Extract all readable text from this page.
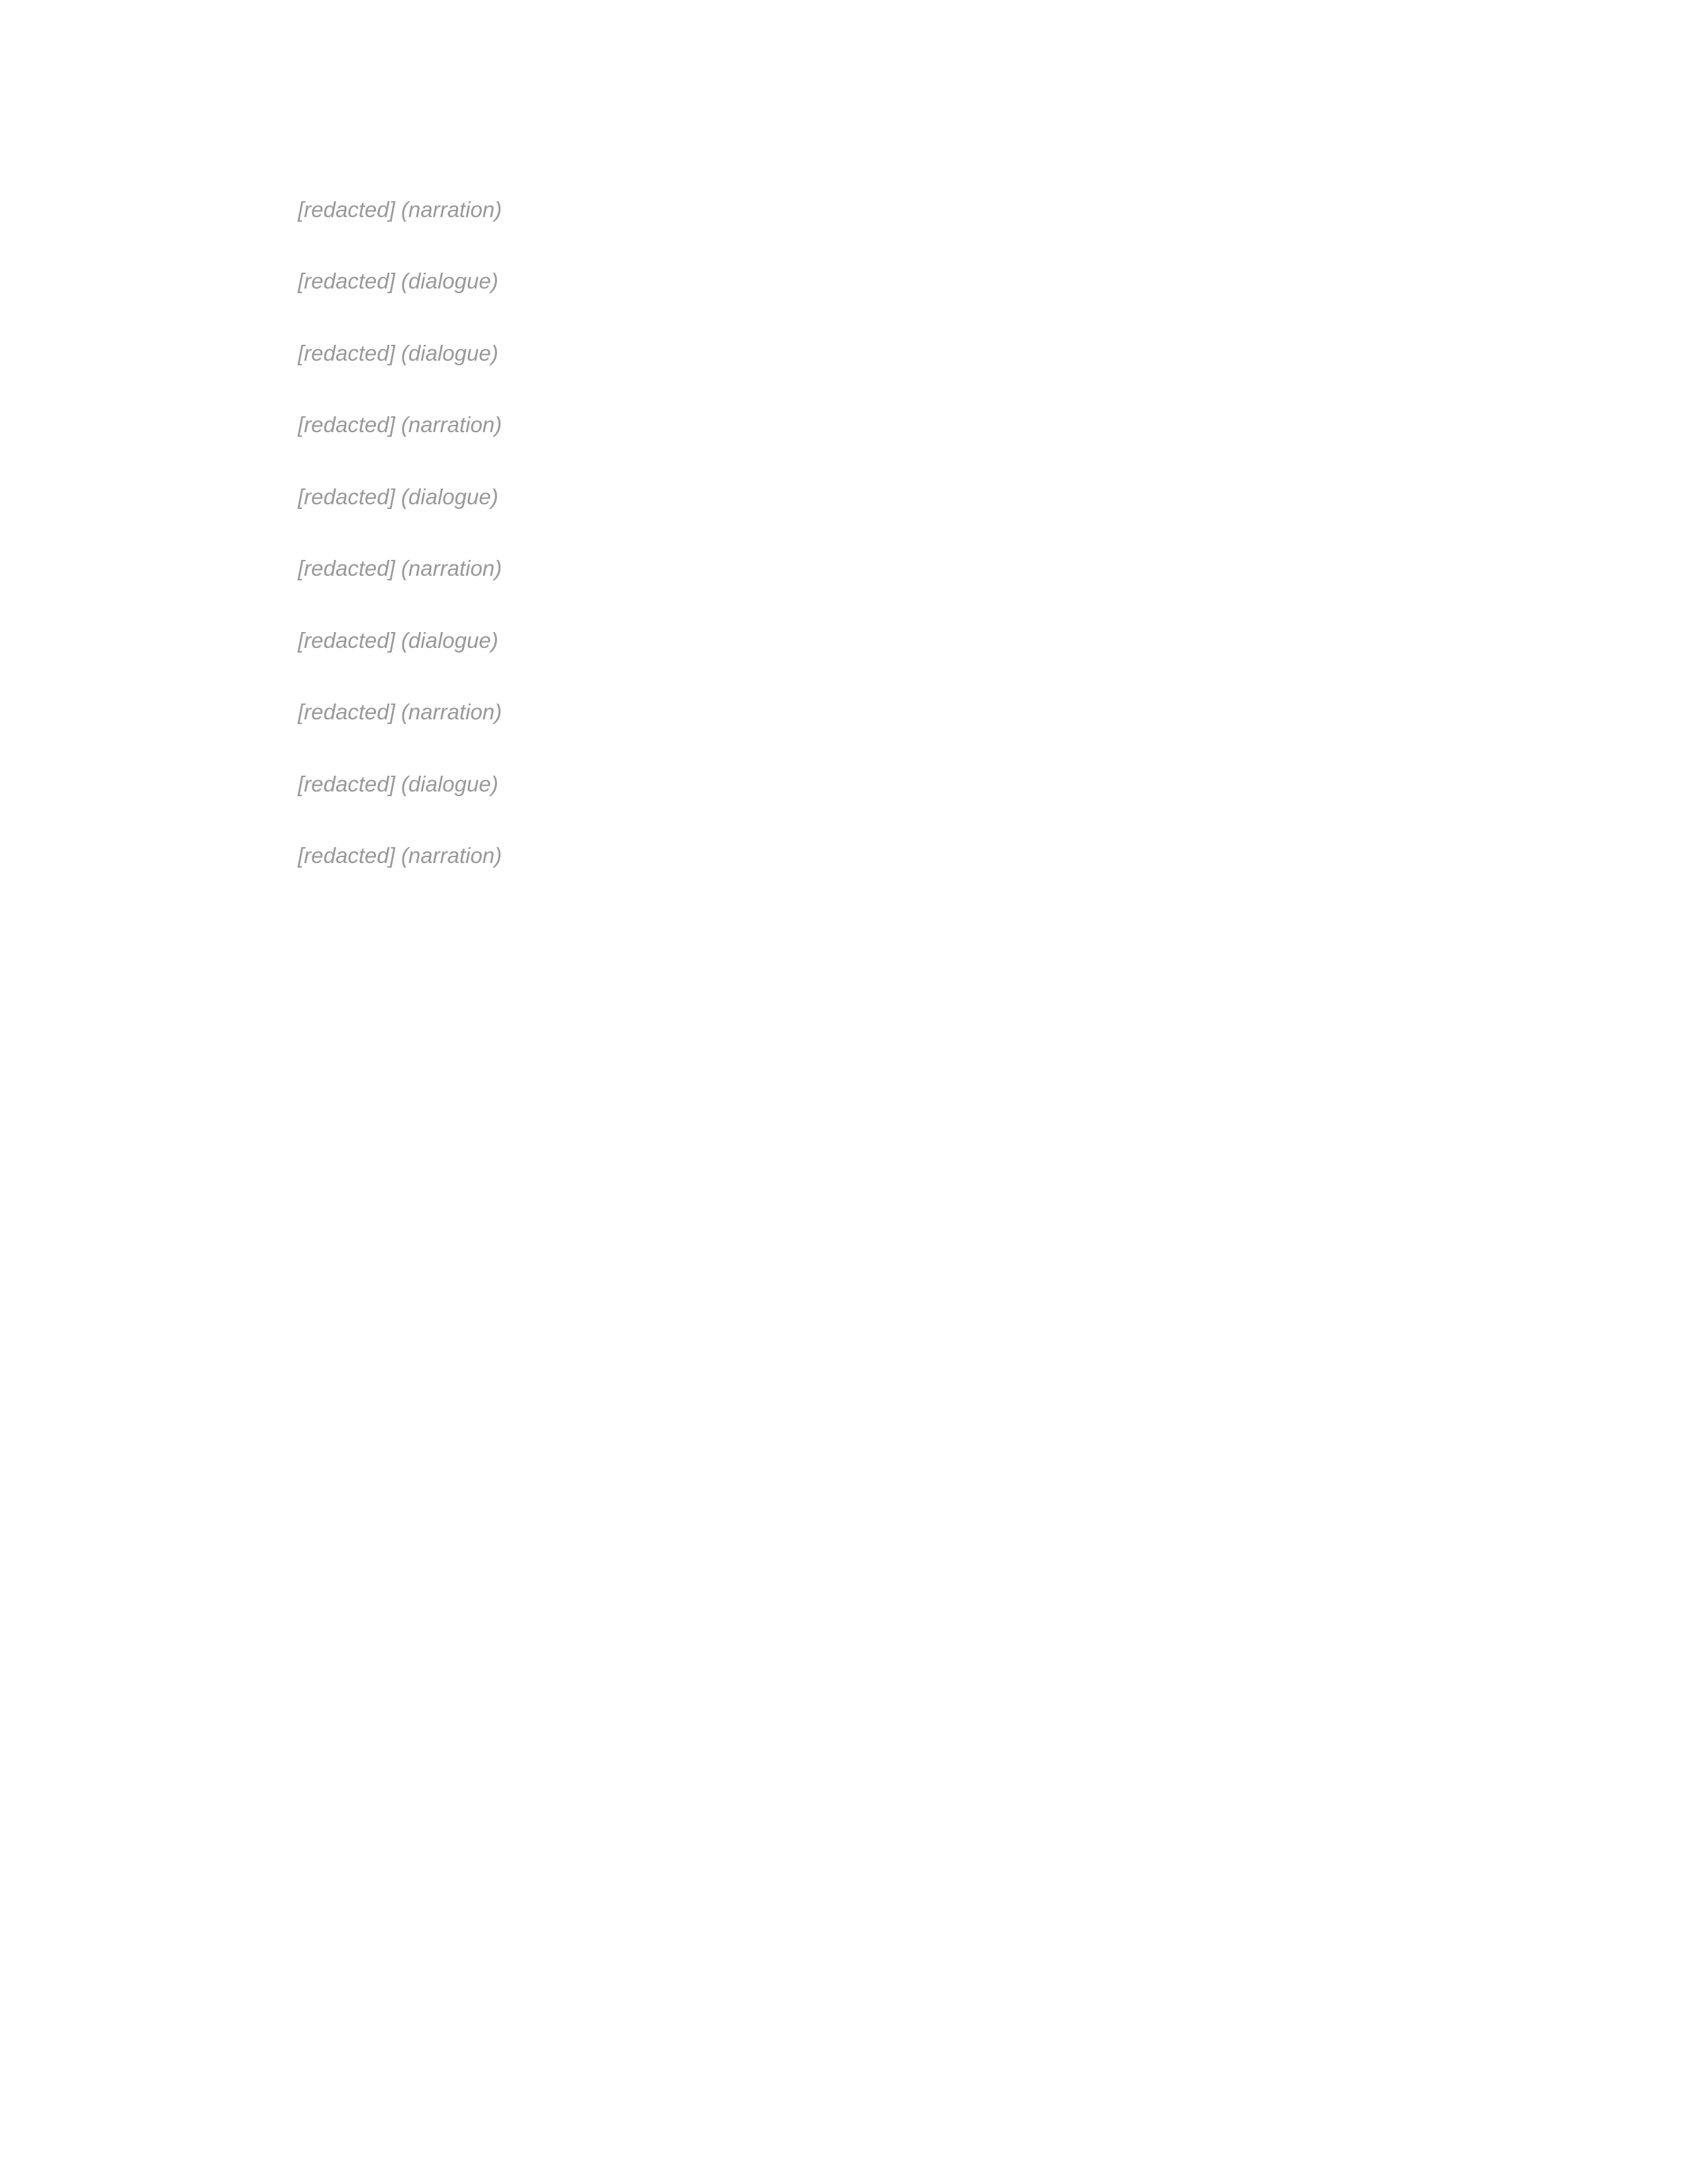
[redacted] (narration)

[redacted] (dialogue)

[redacted] (dialogue)

[redacted] (narration)

[redacted] (dialogue)

[redacted] (narration)

[redacted] (dialogue)

[redacted] (narration)

[redacted] (dialogue)

[redacted] (narration)
